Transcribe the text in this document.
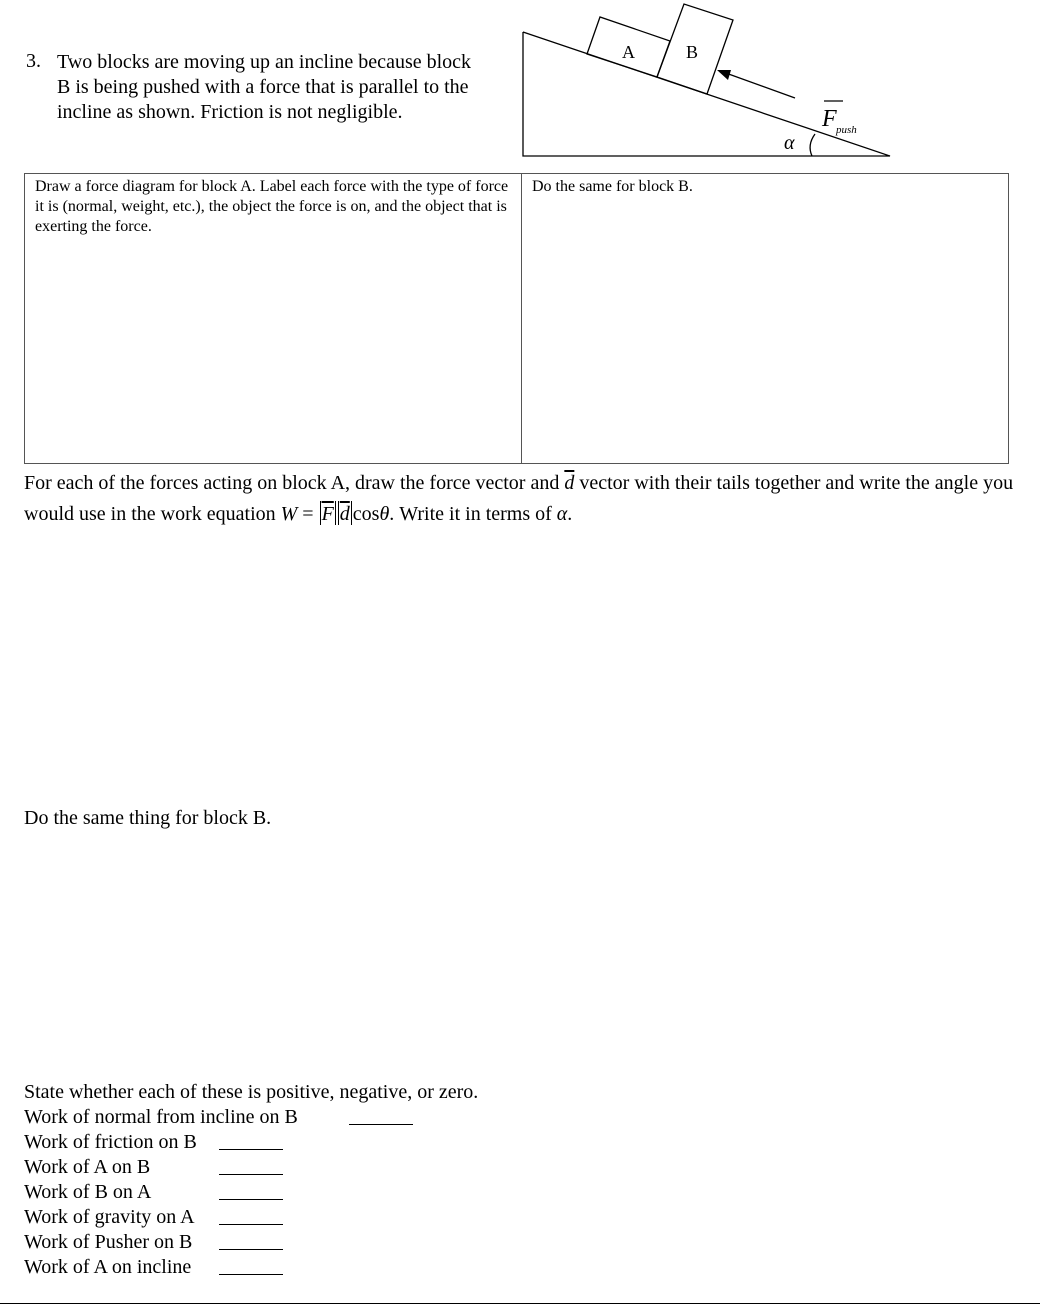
3. Two blocks are moving up an incline because block B is being pushed with a force that is parallel to the incline as shown. Friction is not negligible.
A	B
F push
α
Draw a force diagram for block A. Label each force with the type of force it is (normal, weight, etc.), the object the force is on, and the object that is exerting the force.
Do the same for block B.
For each of the forces acting on block A, draw the force vector and $\overline{d}$ vector with their tails together and write the angle you would use in the work equation $W = \overline{F}$ $\overline{d}$ cosθ. Write it in terms of α.
Do the same thing for block B.
State whether each of these is positive, negative, or zero.
Work of normal from incline on B
Work of friction on B
Work of A on B
Work of B on A
Work of gravity on A
Work of Pusher on B
Work of A on incline
